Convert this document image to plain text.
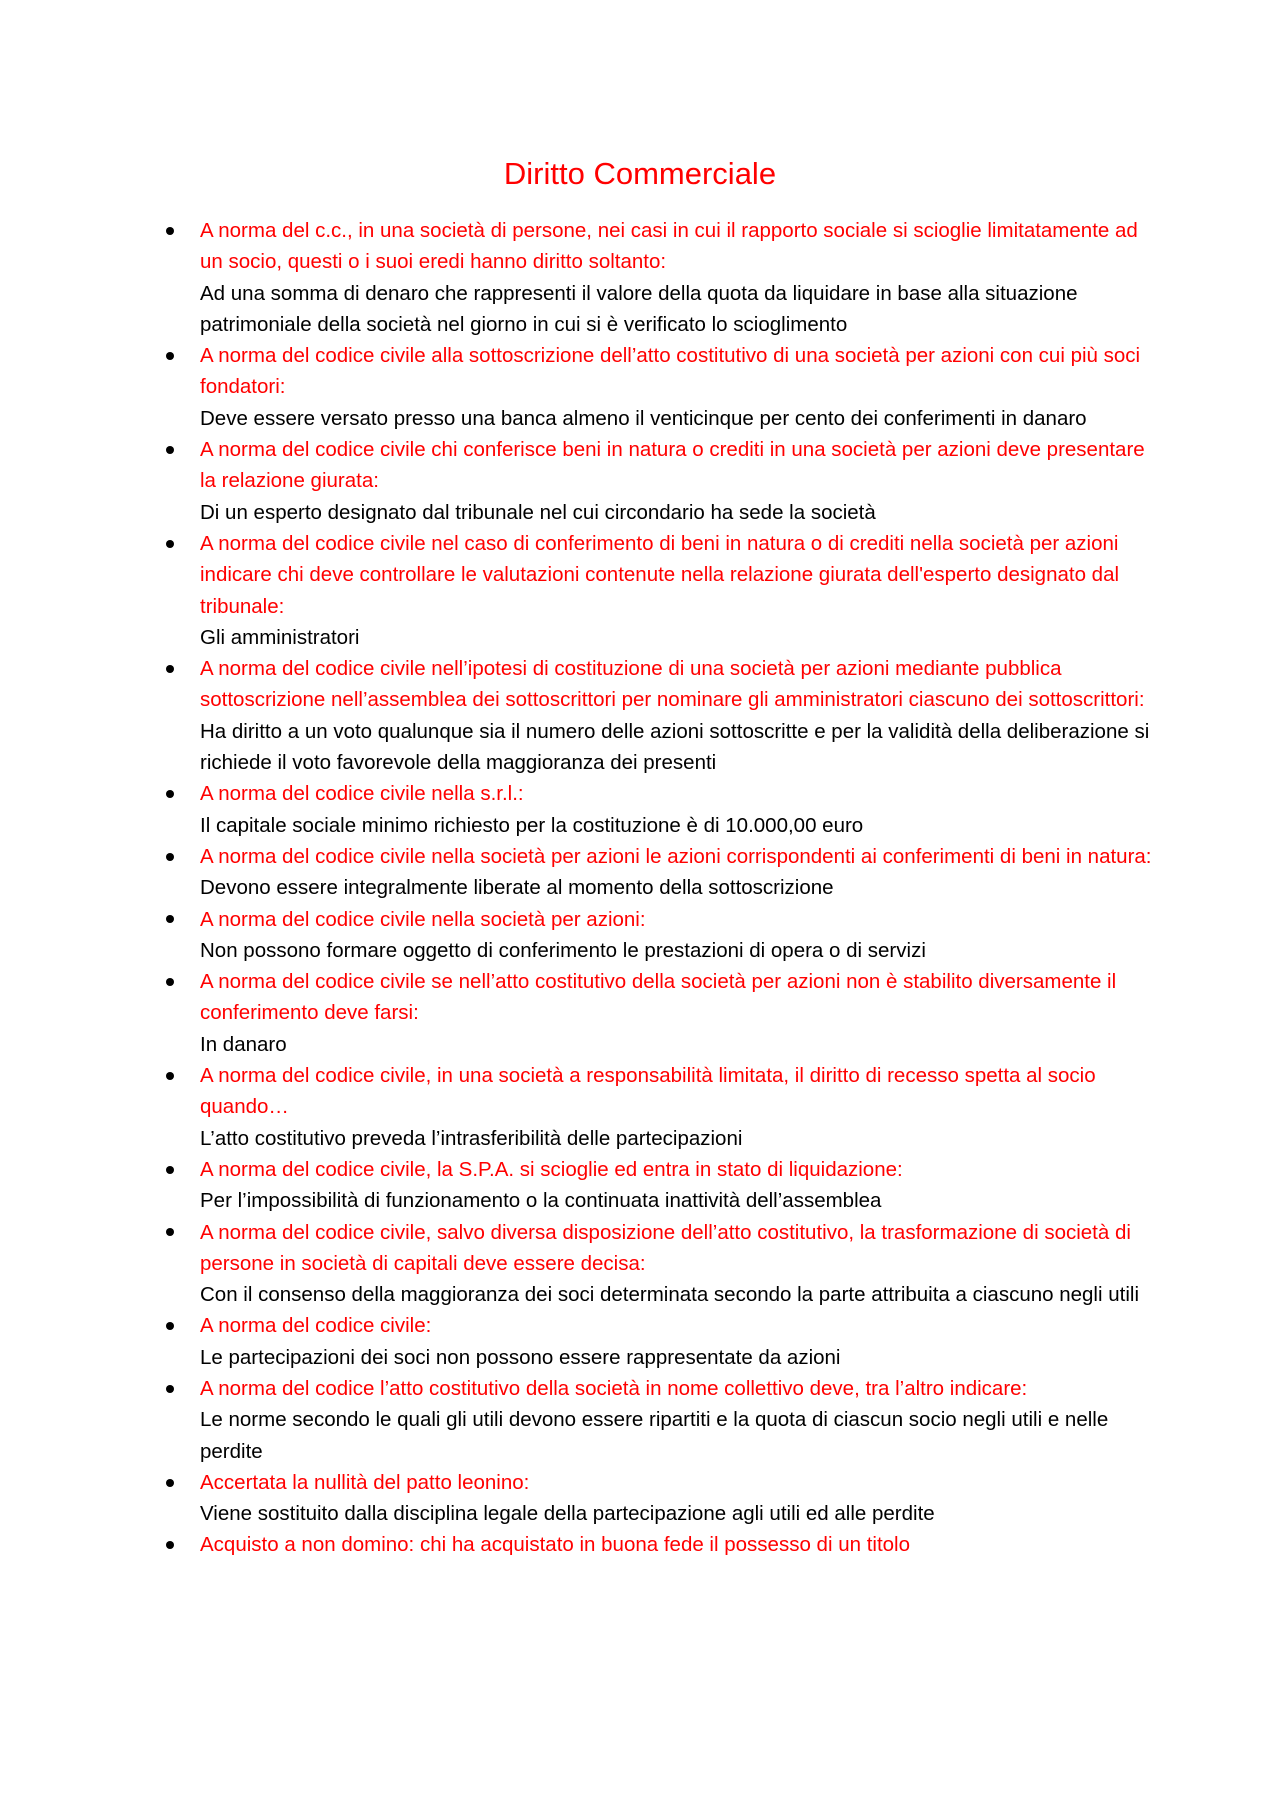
Diritto Commerciale
A norma del c.c., in una società di persone, nei casi in cui il rapporto sociale si scioglie limitatamente ad un socio, questi o i suoi eredi hanno diritto soltanto:
Ad una somma di denaro che rappresenti il valore della quota da liquidare in base alla situazione patrimoniale della società nel giorno in cui si è verificato lo scioglimento
A norma del codice civile alla sottoscrizione dell’atto costitutivo di una società per azioni con cui più soci fondatori:
Deve essere versato presso una banca almeno il venticinque per cento dei conferimenti in danaro
A norma del codice civile chi conferisce beni in natura o crediti in una società per azioni deve presentare la relazione giurata:
Di un esperto designato dal tribunale nel cui circondario ha sede la società
A norma del codice civile nel caso di conferimento di beni in natura o di crediti nella società per azioni indicare chi deve controllare le valutazioni contenute nella relazione giurata dell'esperto designato dal tribunale:
Gli amministratori
A norma del codice civile nell’ipotesi di costituzione di una società per azioni mediante pubblica sottoscrizione nell’assemblea dei sottoscrittori per nominare gli amministratori ciascuno dei sottoscrittori:
Ha diritto a un voto qualunque sia il numero delle azioni sottoscritte e per la validità della deliberazione si richiede il voto favorevole della maggioranza dei presenti
A norma del codice civile nella s.r.l.:
Il capitale sociale minimo richiesto per la costituzione è di 10.000,00 euro
A norma del codice civile nella società per azioni le azioni corrispondenti ai conferimenti di beni in natura:
Devono essere integralmente liberate al momento della sottoscrizione
A norma del codice civile nella società per azioni:
Non possono formare oggetto di conferimento le prestazioni di opera o di servizi
A norma del codice civile se nell’atto costitutivo della società per azioni non è stabilito diversamente il conferimento deve farsi:
In danaro
A norma del codice civile, in una società a responsabilità limitata, il diritto di recesso spetta al socio quando…
L’atto costitutivo preveda l’intrasferibilità delle partecipazioni
A norma del codice civile, la S.P.A. si scioglie ed entra in stato di liquidazione:
Per l’impossibilità di funzionamento o la continuata inattività dell’assemblea
A norma del codice civile, salvo diversa disposizione dell’atto costitutivo, la trasformazione di società di persone in società di capitali deve essere decisa:
Con il consenso della maggioranza dei soci determinata secondo la parte attribuita a ciascuno negli utili
A norma del codice civile:
Le partecipazioni dei soci non possono essere rappresentate da azioni
A norma del codice l’atto costitutivo della società in nome collettivo deve, tra l’altro indicare:
Le norme secondo le quali gli utili devono essere ripartiti e la quota di ciascun socio negli utili e nelle perdite
Accertata la nullità del patto leonino:
Viene sostituito dalla disciplina legale della partecipazione agli utili ed alle perdite
Acquisto a non domino: chi ha acquistato in buona fede il possesso di un titolo
